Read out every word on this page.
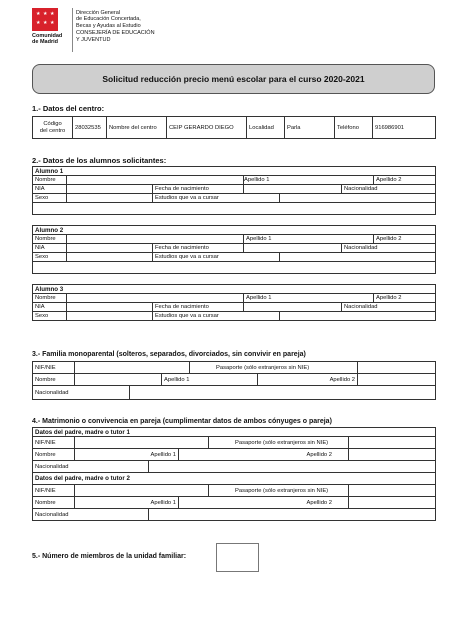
★ ★ ★
★ ★ ★
Comunidad
de Madrid
Dirección General
de Educación Concertada,
Becas y Ayudas al Estudio
CONSEJERÍA DE EDUCACIÓN
Y JUVENTUD
Solicitud reducción precio menú escolar para el curso 2020-2021
1.- Datos del centro:
Código
del centro	28032535	Nombre del centro	CEIP GERARDO DIEGO	Localidad	Parla	Teléfono	916986901
2.- Datos de los alumnos solicitantes:
Alumno 1						
Nombre			Apellido 1			Apellido 2
NIA		Fecha de nacimiento			Nacionalidad	
Sexo		Estudios que va a cursar				

Alumno 2						
Nombre			Apellido 1			Apellido 2
NIA		Fecha de nacimiento			Nacionalidad	
Sexo		Estudios que va a cursar				

Alumno 3						
Nombre			Apellido 1			Apellido 2
NIA		Fecha de nacimiento			Nacionalidad	
Sexo		Estudios que va a cursar				
3.- Familia monoparental (solteros, separados, divorciados, sin convivir en pareja)
NIF/NIE				Pasaporte (sólo extranjeros sin NIE)		
Nombre			Apellido 1		Apellido 2	
Nacionalidad						
4.- Matrimonio o convivencia en pareja (cumplimentar datos de ambos cónyuges o pareja)
Datos del padre, madre o tutor 1					
NIF/NIE				Pasaporte (sólo extranjeros sin NIE)	
Nombre	Apellido 1		Apellido 2		
Nacionalidad					
Datos del padre, madre o tutor 2					
NIF/NIE				Pasaporte (sólo extranjeros sin NIE)	
Nombre	Apellido 1		Apellido 2		
Nacionalidad					
5.- Número de miembros de la unidad familiar:
